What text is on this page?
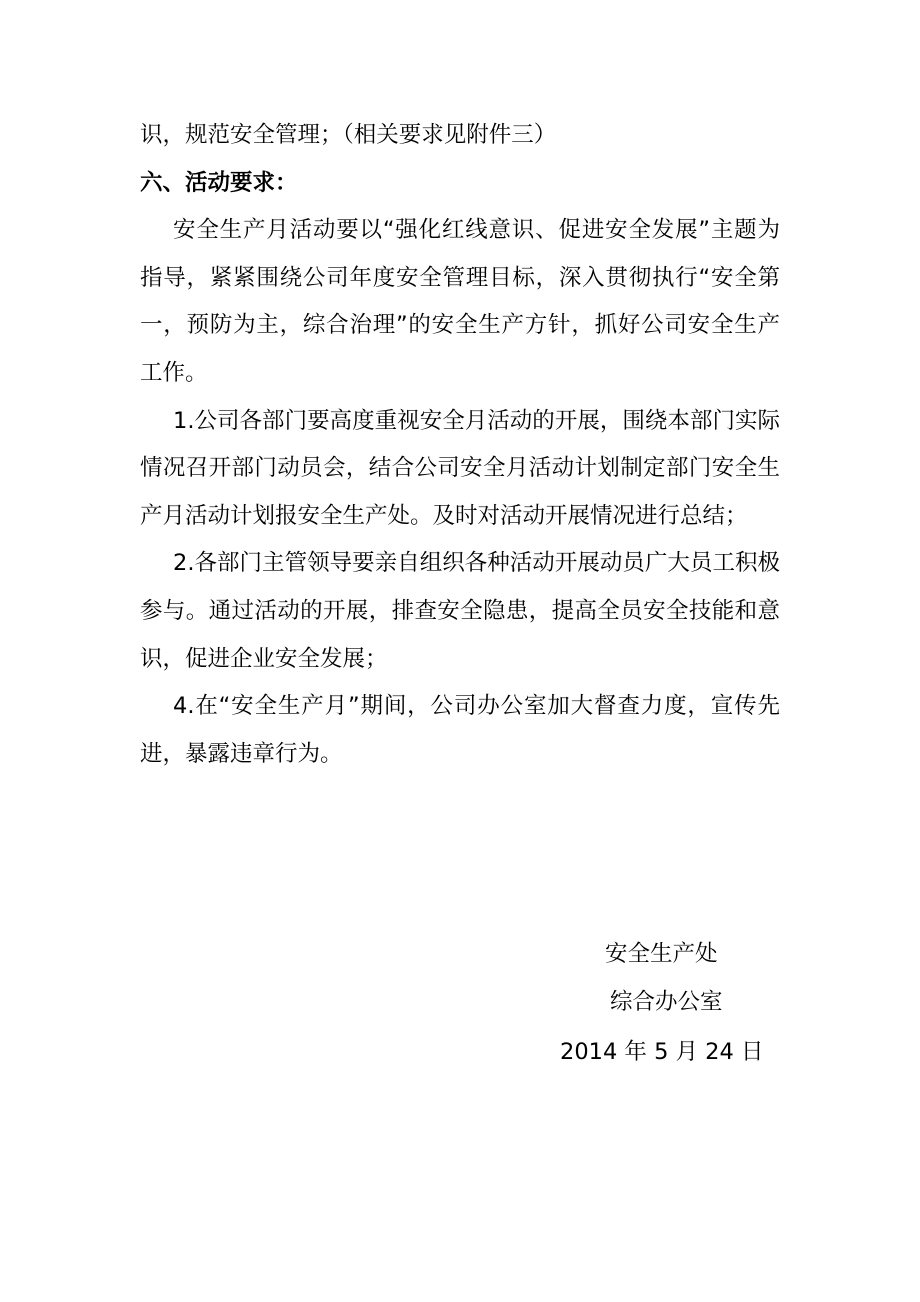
识，规范安全管理；（相关要求见附件三）

六、活动要求：

安全生产月活动要以“强化红线意识、促进安全发展”主题为指导，紧紧围绕公司年度安全管理目标，深入贯彻执行“安全第一，预防为主，综合治理”的安全生产方针，抓好公司安全生产工作。

1.公司各部门要高度重视安全月活动的开展，围绕本部门实际情况召开部门动员会，结合公司安全月活动计划制定部门安全生产月活动计划报安全生产处。及时对活动开展情况进行总结；

2.各部门主管领导要亲自组织各种活动开展动员广大员工积极参与。通过活动的开展，排查安全隐患，提高全员安全技能和意识，促进企业安全发展；

4.在“安全生产月”期间，公司办公室加大督查力度，宣传先进，暴露违章行为。

安全生产处
综合办公室
2014 年 5 月 24 日
